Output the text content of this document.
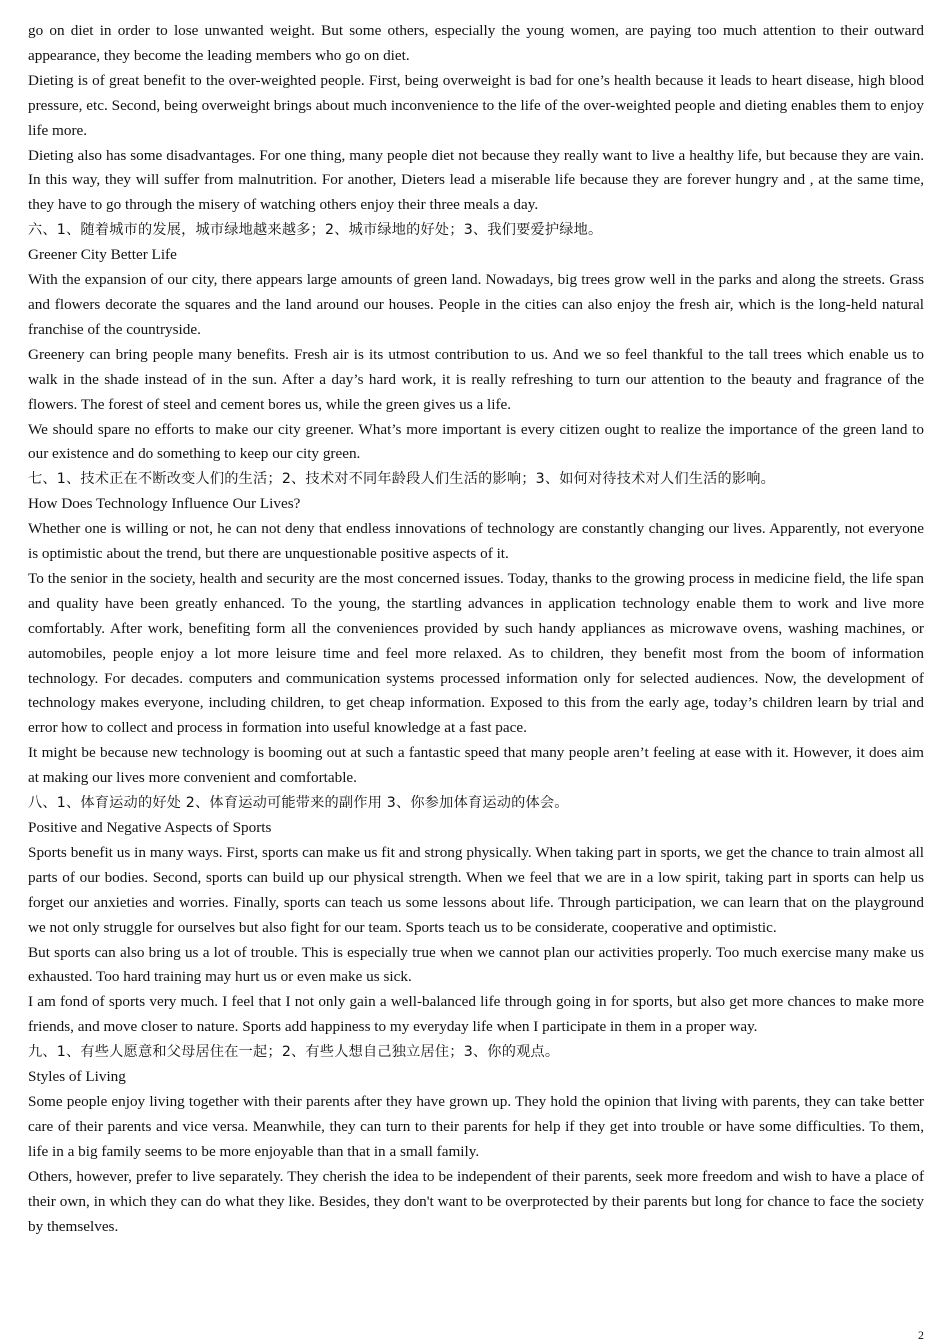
go on diet in order to lose unwanted weight. But some others, especially the young women, are paying too much attention to their outward appearance, they become the leading members who go on diet.

Dieting is of great benefit to the over-weighted people. First, being overweight is bad for one’s health because it leads to heart disease, high blood pressure, etc. Second, being overweight brings about much inconvenience to the life of the over-weighted people and dieting enables them to enjoy life more.

Dieting also has some disadvantages. For one thing, many people diet not because they really want to live a healthy life, but because they are vain. In this way, they will suffer from malnutrition. For another, Dieters lead a miserable life because they are forever hungry and , at the same time, they have to go through the misery of watching others enjoy their three meals a day.

六、1、随着城市的发展，城市绿地越来越多；2、城市绿地的好处；3、我们要爱护绿地。

Greener City Better Life

With the expansion of our city, there appears large amounts of green land. Nowadays, big trees grow well in the parks and along the streets. Grass and flowers decorate the squares and the land around our houses. People in the cities can also enjoy the fresh air, which is the long-held natural franchise of the countryside.

Greenery can bring people many benefits. Fresh air is its utmost contribution to us. And we so feel thankful to the tall trees which enable us to walk in the shade instead of in the sun. After a day’s hard work, it is really refreshing to turn our attention to the beauty and fragrance of the flowers. The forest of steel and cement bores us, while the green gives us a life.

We should spare no efforts to make our city greener. What’s more important is every citizen ought to realize the importance of the green land to our existence and do something to keep our city green.

七、1、技术正在不断改变人们的生活；2、技术对不同年龄段人们生活的影响；3、如何对待技术对人们生活的影响。

How Does Technology Influence Our Lives?

Whether one is willing or not, he can not deny that endless innovations of technology are constantly changing our lives. Apparently, not everyone is optimistic about the trend, but there are unquestionable positive aspects of it.

To the senior in the society, health and security are the most concerned issues. Today, thanks to the growing process in medicine field, the life span and quality have been greatly enhanced. To the young, the startling advances in application technology enable them to work and live more comfortably. After work, benefiting form all the conveniences provided by such handy appliances as microwave ovens, washing machines, or automobiles, people enjoy a lot more leisure time and feel more relaxed. As to children, they benefit most from the boom of information technology. For decades. computers and communication systems processed information only for selected audiences. Now, the development of technology makes everyone, including children, to get cheap information. Exposed to this from the early age, today’s children learn by trial and error how to collect and process in formation into useful knowledge at a fast pace.

It might be because new technology is booming out at such a fantastic speed that many people aren’t feeling at ease with it. However, it does aim at making our lives more convenient and comfortable.

八、1、体育运动的好处 2、体育运动可能带来的副作用 3、你参加体育运动的体会。

Positive and Negative Aspects of Sports

Sports benefit us in many ways. First, sports can make us fit and strong physically. When taking part in sports, we get the chance to train almost all parts of our bodies. Second, sports can build up our physical strength. When we feel that we are in a low spirit, taking part in sports can help us forget our anxieties and worries. Finally, sports can teach us some lessons about life. Through participation, we can learn that on the playground we not only struggle for ourselves but also fight for our team. Sports teach us to be considerate, cooperative and optimistic.

But sports can also bring us a lot of trouble. This is especially true when we cannot plan our activities properly. Too much exercise many make us exhausted. Too hard training may hurt us or even make us sick.

I am fond of sports very much. I feel that I not only gain a well-balanced life through going in for sports, but also get more chances to make more friends, and move closer to nature. Sports add happiness to my everyday life when I participate in them in a proper way.

九、1、有些人愿意和父母居住在一起；2、有些人想自己独立居住；3、你的观点。

Styles of Living

Some people enjoy living together with their parents after they have grown up. They hold the opinion that living with parents, they can take better care of their parents and vice versa. Meanwhile, they can turn to their parents for help if they get into trouble or have some difficulties. To them, life in a big family seems to be more enjoyable than that in a small family.

Others, however, prefer to live separately. They cherish the idea to be independent of their parents, seek more freedom and wish to have a place of their own, in which they can do what they like. Besides, they don't want to be overprotected by their parents but long for chance to face the society by themselves.

2
